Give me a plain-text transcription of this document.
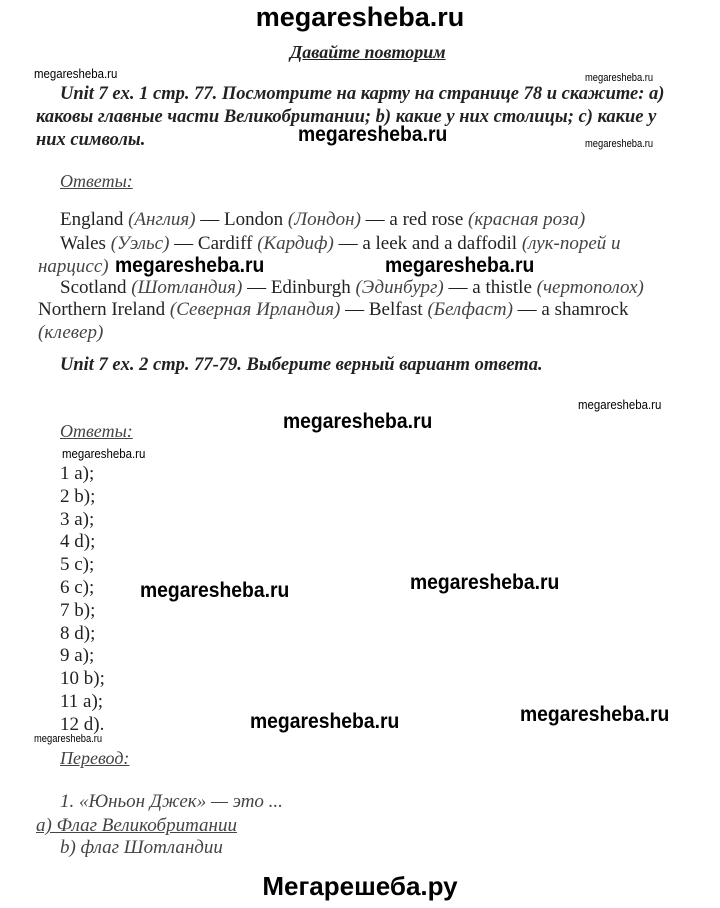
megaresheba.ru
Давайте повторим
megaresheba.ru	megaresheba.ru
Unit 7 ex. 1 стр. 77. Посмотрите на карту на странице 78 и скажите: a)
каковы главные части Великобритании; b) какие у них столицы; c) какие у
них символы.	megaresheba.ru	megaresheba.ru
Ответы:
England (Англия) — London (Лондон) — a red rose (красная роза)
Wales (Уэльс) — Cardiff (Кардиф) — a leek and a daffodil (лук-порей и
нарцисс) megaresheba.ru	megaresheba.ru
Scotland (Шотландия) — Edinburgh (Эдинбург) — a thistle (чертополох)
Northern Ireland (Северная Ирландия) — Belfast (Белфаст) — a shamrock
(клевер)
Unit 7 ex. 2 стр. 77-79. Выберите верный вариант ответа.
megaresheba.ru
Ответы:	megaresheba.ru
megaresheba.ru
1 a);
2 b);
3 a);
4 d);
5 c);
6 c);
7 b);
8 d);
9 a);
10 b);
11 a);
12 d).
megaresheba.ru	megaresheba.ru
megaresheba.ru	megaresheba.ru
megaresheba.ru
Перевод:
1. «Юньон Джек» — это ...
a) Флаг Великобритании
b) флаг Шотландии
Мегарешеба.ру
